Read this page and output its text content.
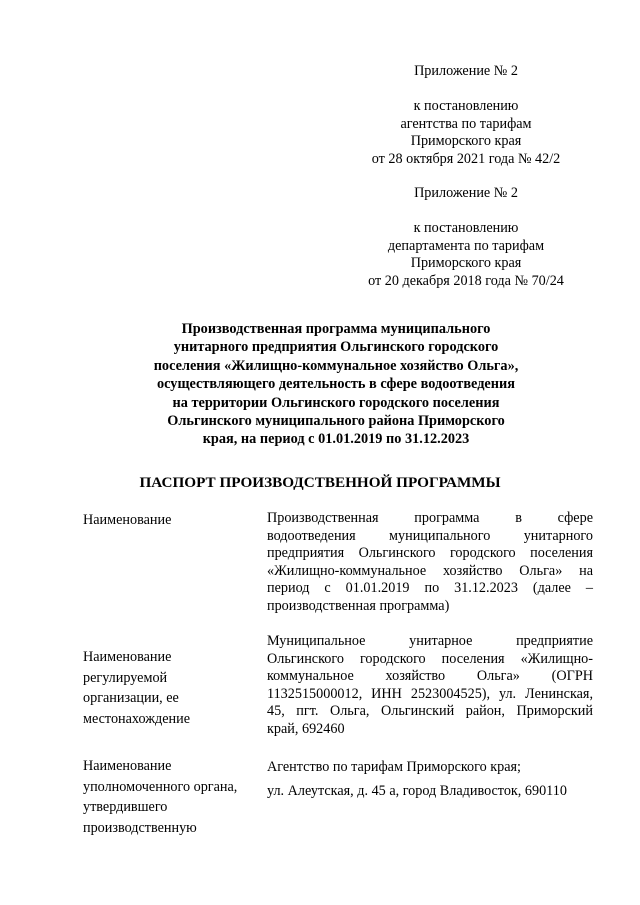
Приложение № 2
к постановлению
агентства по тарифам
Приморского края
от 28 октября 2021 года № 42/2
Приложение № 2
к постановлению
департамента по тарифам
Приморского края
от 20 декабря 2018 года № 70/24
Производственная программа муниципального
унитарного предприятия Ольгинского городского
поселения «Жилищно-коммунальное хозяйство Ольга»,
осуществляющего деятельность в сфере водоотведения
на территории Ольгинского городского поселения
Ольгинского муниципального района Приморского
края, на период с 01.01.2019 по 31.12.2023
ПАСПОРТ ПРОИЗВОДСТВЕННОЙ ПРОГРАММЫ
Наименование	Производственная программа в сфере
водоотведения муниципального унитарного
предприятия Ольгинского городского поселения
«Жилищно-коммунальное хозяйство Ольга» на
период с 01.01.2019 по 31.12.2023 (далее –
производственная программа)
Наименование
регулируемой
организации, ее
местонахождение
Муниципальное унитарное предприятие
Ольгинского городского поселения «Жилищно-
коммунальное хозяйство Ольга» (ОГРН
1132515000012, ИНН 2523004525), ул. Ленинская,
45, пгт. Ольга, Ольгинский район, Приморский
край, 692460
Наименование
уполномоченного органа,
утвердившего
производственную
Агентство по тарифам Приморского края;
ул. Алеутская, д. 45 а, город Владивосток, 690110
